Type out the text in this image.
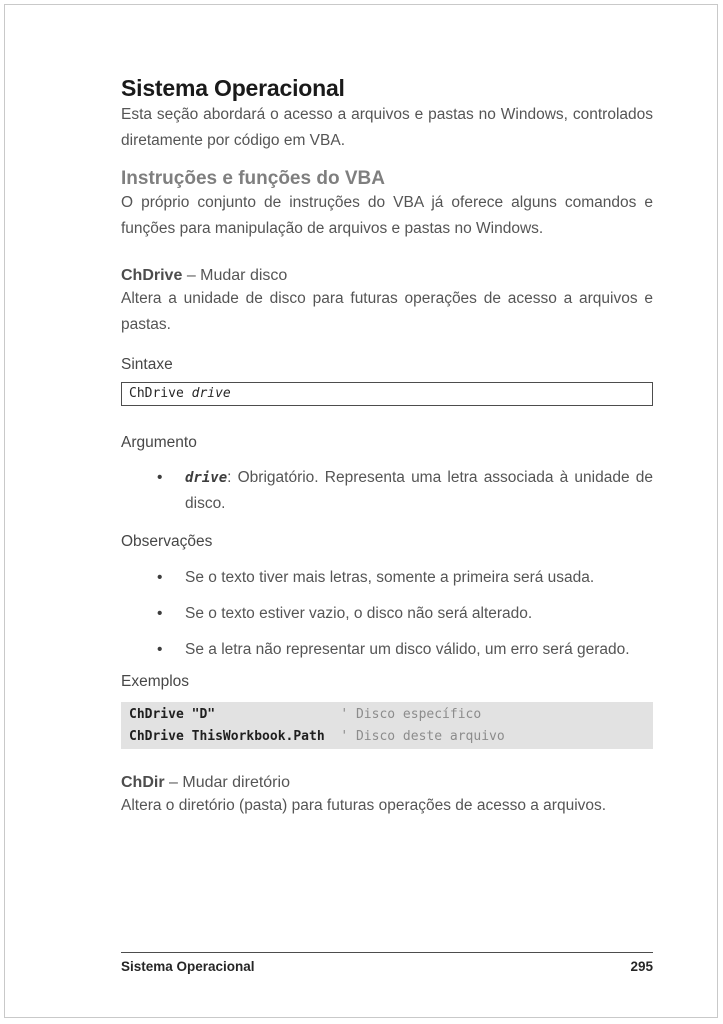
Sistema Operacional

Esta seção abordará o acesso a arquivos e pastas no Windows, controlados diretamente por código em VBA.

Instruções e funções do VBA

O próprio conjunto de instruções do VBA já oferece alguns comandos e funções para manipulação de arquivos e pastas no Windows.

ChDrive – Mudar disco

Altera a unidade de disco para futuras operações de acesso a arquivos e pastas.

Sintaxe

ChDrive drive

Argumento

• drive: Obrigatório. Representa uma letra associada à unidade de disco.

Observações

• Se o texto tiver mais letras, somente a primeira será usada.
• Se o texto estiver vazio, o disco não será alterado.
• Se a letra não representar um disco válido, um erro será gerado.

Exemplos

ChDrive "D"	' Disco específico
ChDrive ThisWorkbook.Path	' Disco deste arquivo
ChDir – Mudar diretório

Altera o diretório (pasta) para futuras operações de acesso a arquivos.

Sistema Operacional	295
